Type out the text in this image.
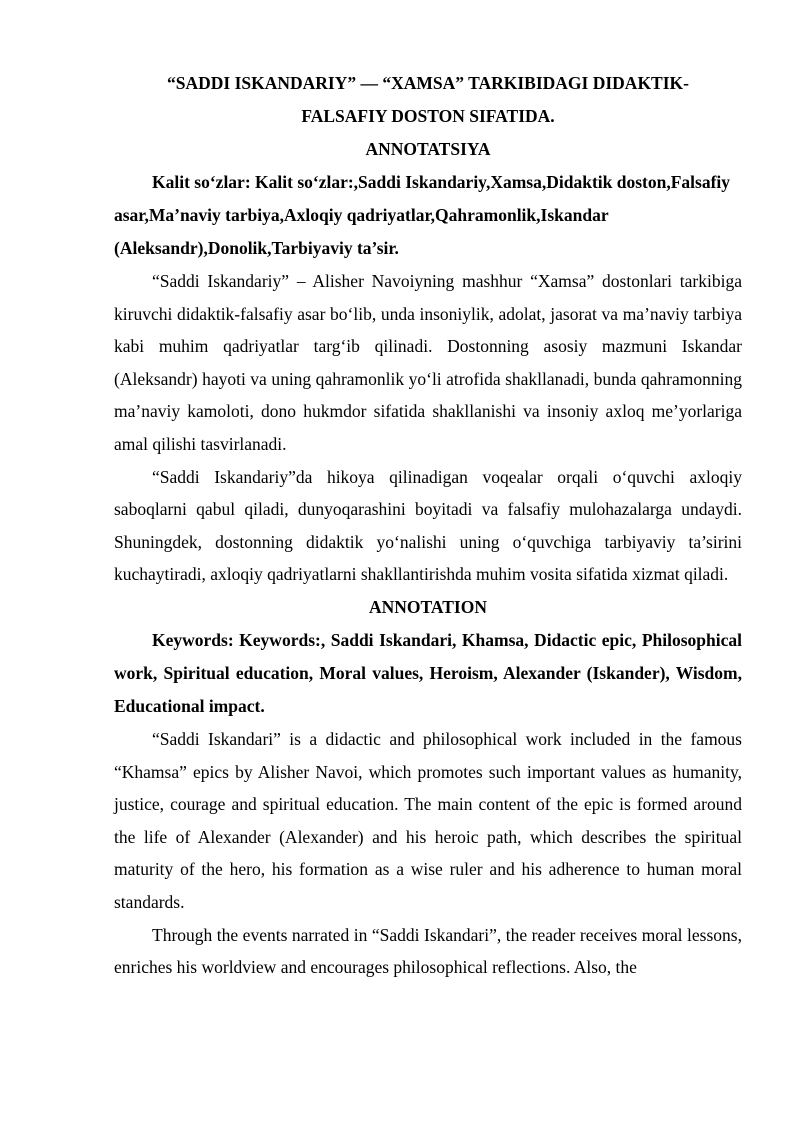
“SADDI ISKANDARIY” — “XAMSA” TARKIBIDAGI DIDAKTIK-
FALSAFIY DOSTON SIFATIDA.
ANNOTATSIYA

Kalit so‘zlar: Kalit so‘zlar:,Saddi Iskandariy,Xamsa,Didaktik doston,Falsafiy asar,Ma’naviy tarbiya,Axloqiy qadriyatlar,Qahramonlik,Iskandar (Aleksandr),Donolik,Tarbiyaviy ta’sir.

“Saddi Iskandariy” – Alisher Navoiyning mashhur “Xamsa” dostonlari tarkibiga kiruvchi didaktik-falsafiy asar bo‘lib, unda insoniylik, adolat, jasorat va ma’naviy tarbiya kabi muhim qadriyatlar targ‘ib qilinadi. Dostonning asosiy mazmuni Iskandar (Aleksandr) hayoti va uning qahramonlik yo‘li atrofida shakllanadi, bunda qahramonning ma’naviy kamoloti, dono hukmdor sifatida shakllanishi va insoniy axloq me’yorlariga amal qilishi tasvirlanadi.

“Saddi Iskandariy”da hikoya qilinadigan voqealar orqali o‘quvchi axloqiy saboqlarni qabul qiladi, dunyoqarashini boyitadi va falsafiy mulohazalarga undaydi. Shuningdek, dostonning didaktik yo‘nalishi uning o‘quvchiga tarbiyaviy ta’sirini kuchaytiradi, axloqiy qadriyatlarni shakllantirishda muhim vosita sifatida xizmat qiladi.

ANNOTATION

Keywords: Keywords:, Saddi Iskandari, Khamsa, Didactic epic, Philosophical work, Spiritual education, Moral values, Heroism, Alexander (Iskander), Wisdom, Educational impact.

“Saddi Iskandari” is a didactic and philosophical work included in the famous “Khamsa” epics by Alisher Navoi, which promotes such important values as humanity, justice, courage and spiritual education. The main content of the epic is formed around the life of Alexander (Alexander) and his heroic path, which describes the spiritual maturity of the hero, his formation as a wise ruler and his adherence to human moral standards.

Through the events narrated in “Saddi Iskandari”, the reader receives moral lessons, enriches his worldview and encourages philosophical reflections. Also, the
